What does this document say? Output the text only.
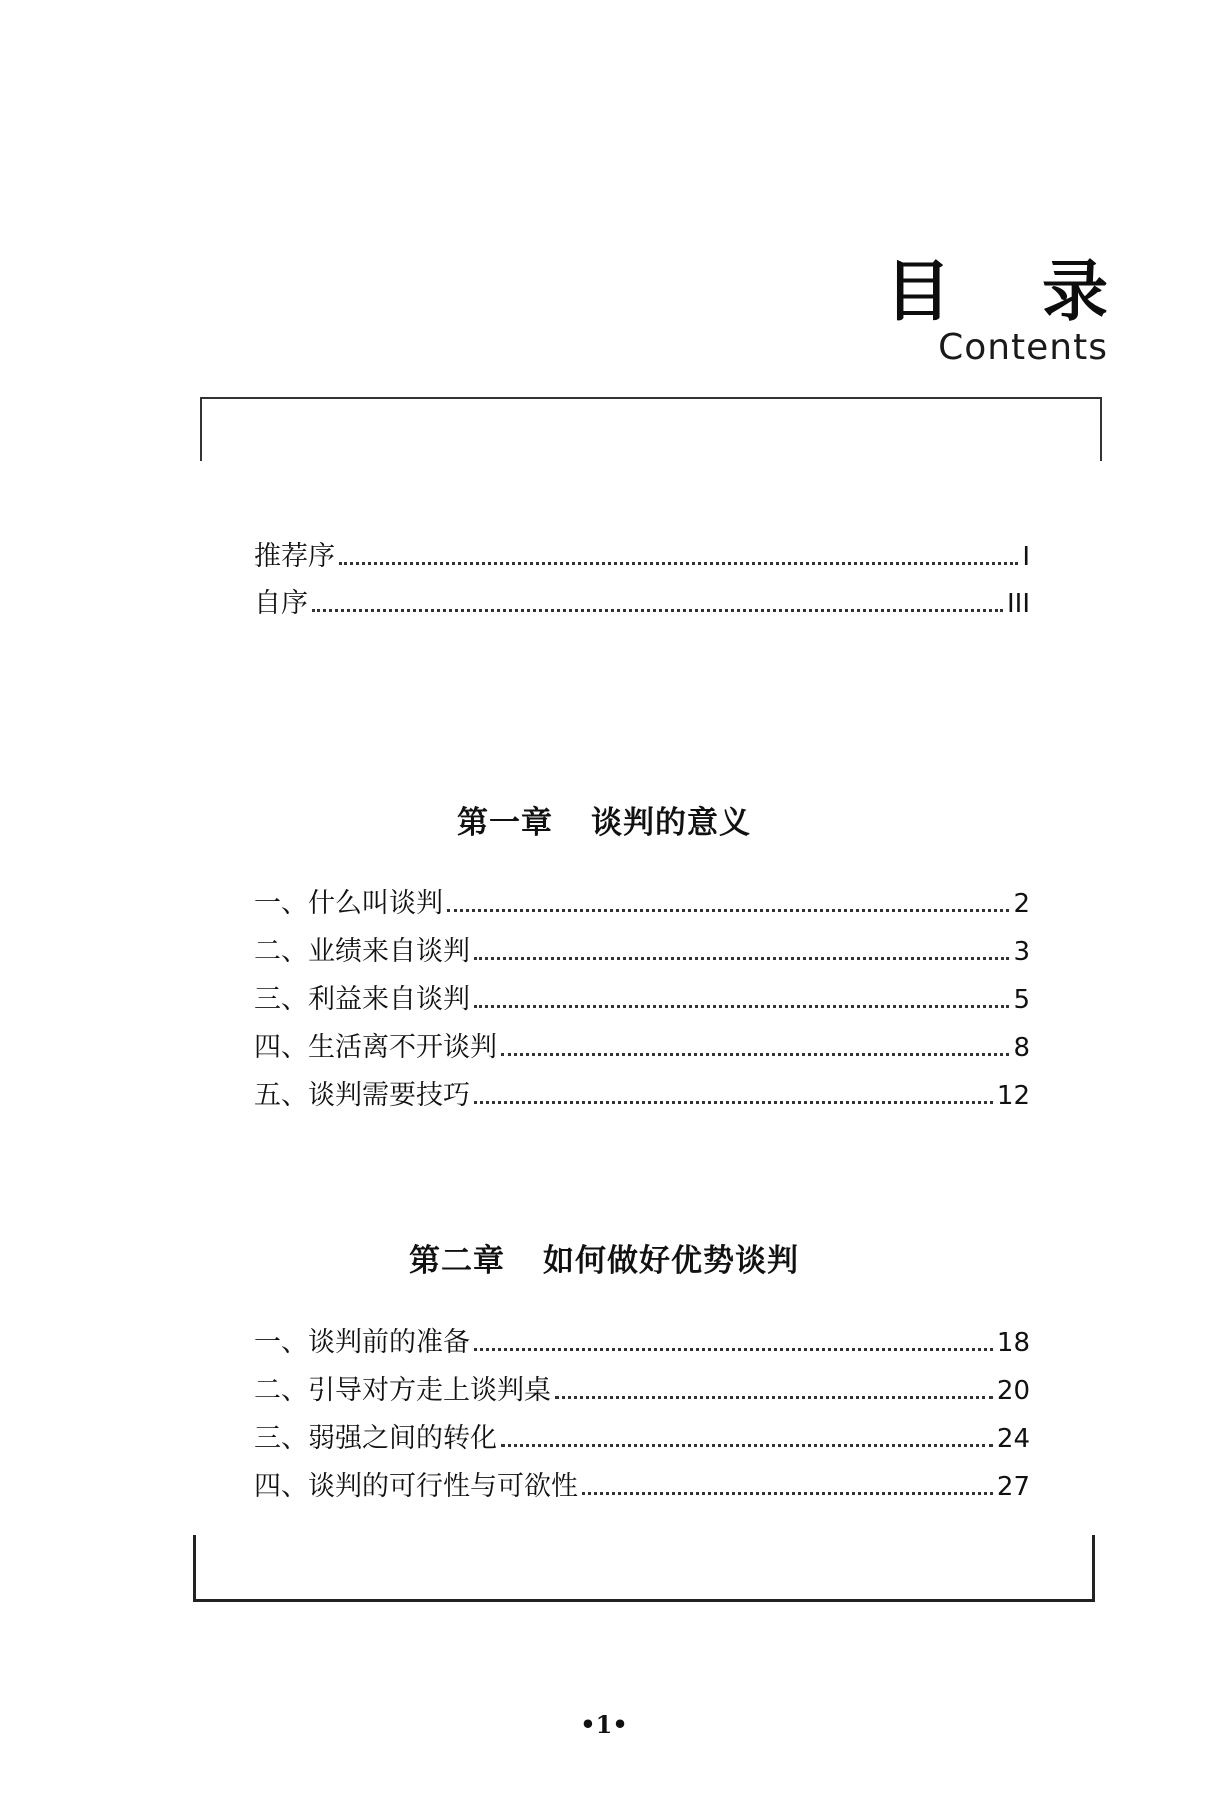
目 录
Contents
推荐序	I
自序	III
第一章 谈判的意义
一、什么叫谈判	2
二、业绩来自谈判	3
三、利益来自谈判	5
四、生活离不开谈判	8
五、谈判需要技巧	12
第二章 如何做好优势谈判
一、谈判前的准备	18
二、引导对方走上谈判桌	20
三、弱强之间的转化	24
四、谈判的可行性与可欲性	27
•1•
